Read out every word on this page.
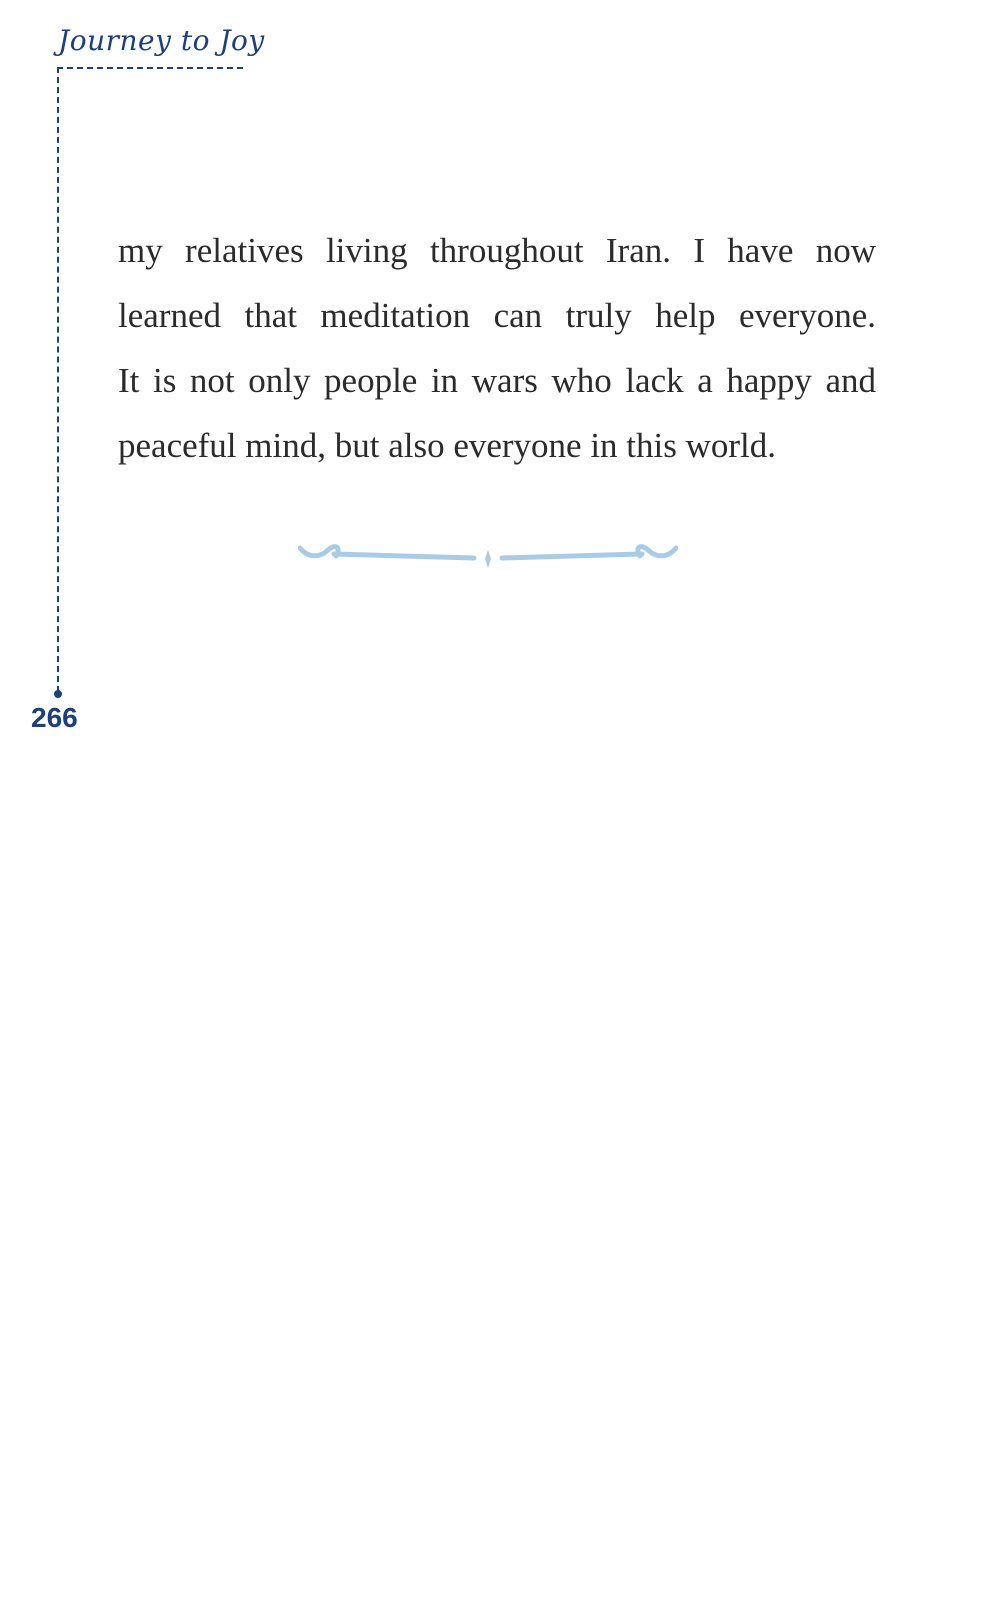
Journey to Joy
266
my relatives living throughout Iran. I have now
learned that meditation can truly help everyone.
It is not only people in wars who lack a happy and
peaceful mind, but also everyone in this world.
